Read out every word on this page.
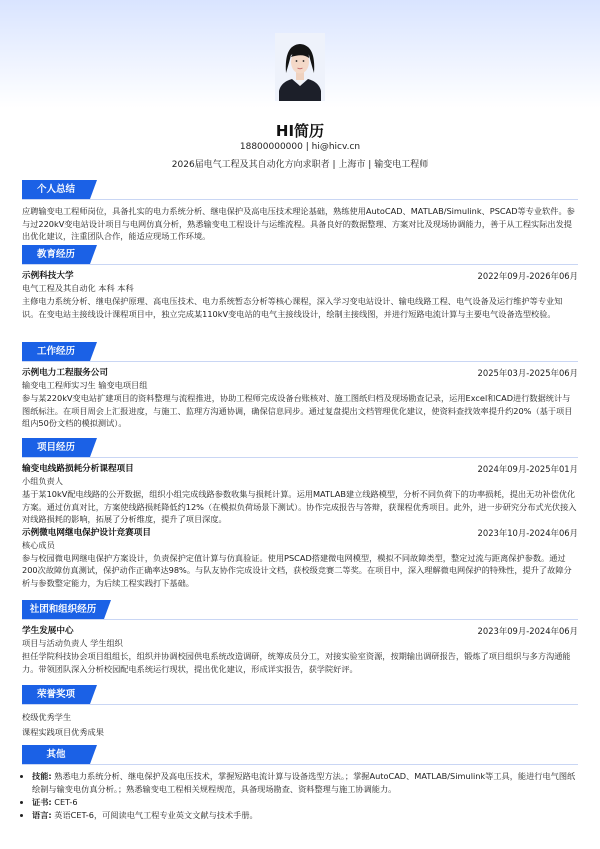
HI简历
18800000000 | hi@hicv.cn
2026届电气工程及其自动化方向求职者 | 上海市 | 输变电工程师
个人总结

应聘输变电工程师岗位，具备扎实的电力系统分析、继电保护及高电压技术理论基础，熟练使用AutoCAD、MATLAB/Simulink、PSCAD等专业软件。参与过220kV变电站设计项目与电网仿真分析，熟悉输变电工程设计与运维流程。具备良好的数据整理、方案对比及现场协调能力，善于从工程实际出发提出优化建议，注重团队合作，能适应现场工作环境。

教育经历
示例科技大学	2022年09月-2026年06月
电气工程及其自动化 本科 本科

主修电力系统分析、继电保护原理、高电压技术、电力系统暂态分析等核心课程，深入学习变电站设计、输电线路工程、电气设备及运行维护等专业知识。在变电站主接线设计课程项目中，独立完成某110kV变电站的电气主接线设计，绘制主接线图，并进行短路电流计算与主要电气设备选型校验。

工作经历
示例电力工程服务公司	2025年03月-2025年06月
输变电工程师实习生 输变电项目组

参与某220kV变电站扩建项目的资料整理与流程推进，协助工程师完成设备台账核对、施工图纸归档及现场勘查记录，运用Excel和CAD进行数据统计与图纸标注。在项目周会上汇报进度，与施工、监理方沟通协调，确保信息同步。通过复盘提出文档管理优化建议，使资料查找效率提升约20%（基于项目组内50份文档的模拟测试）。

项目经历
输变电线路损耗分析课程项目	2024年09月-2025年01月
小组负责人

基于某10kV配电线路的公开数据，组织小组完成线路参数收集与损耗计算。运用MATLAB建立线路模型，分析不同负荷下的功率损耗，提出无功补偿优化方案。通过仿真对比，方案使线路损耗降低约12%（在模拟负荷场景下测试）。协作完成报告与答辩，获课程优秀项目。此外，进一步研究分布式光伏接入对线路损耗的影响，拓展了分析维度，提升了项目深度。

示例微电网继电保护设计竞赛项目	2023年10月-2024年06月
核心成员

参与校园微电网继电保护方案设计，负责保护定值计算与仿真验证。使用PSCAD搭建微电网模型，模拟不同故障类型，整定过流与距离保护参数。通过200次故障仿真测试，保护动作正确率达98%。与队友协作完成设计文档，获校级竞赛二等奖。在项目中，深入理解微电网保护的特殊性，提升了故障分析与参数整定能力，为后续工程实践打下基础。

社团和组织经历
学生发展中心	2023年09月-2024年06月
项目与活动负责人 学生组织

担任学院科技协会项目组组长，组织并协调校园供电系统改造调研，统筹成员分工，对接实验室资源，按期输出调研报告，锻炼了项目组织与多方沟通能力。带领团队深入分析校园配电系统运行现状，提出优化建议，形成详实报告，获学院好评。

荣誉奖项
校级优秀学生
课程实践项目优秀成果
其他
• 技能: 熟悉电力系统分析、继电保护及高电压技术，掌握短路电流计算与设备选型方法。；掌握AutoCAD、MATLAB/Simulink等工具，能进行电气图纸绘制与输变电仿真分析。；熟悉输变电工程相关规程规范，具备现场勘查、资料整理与施工协调能力。
• 证书: CET-6
• 语言: 英语CET-6，可阅读电气工程专业英文文献与技术手册。
